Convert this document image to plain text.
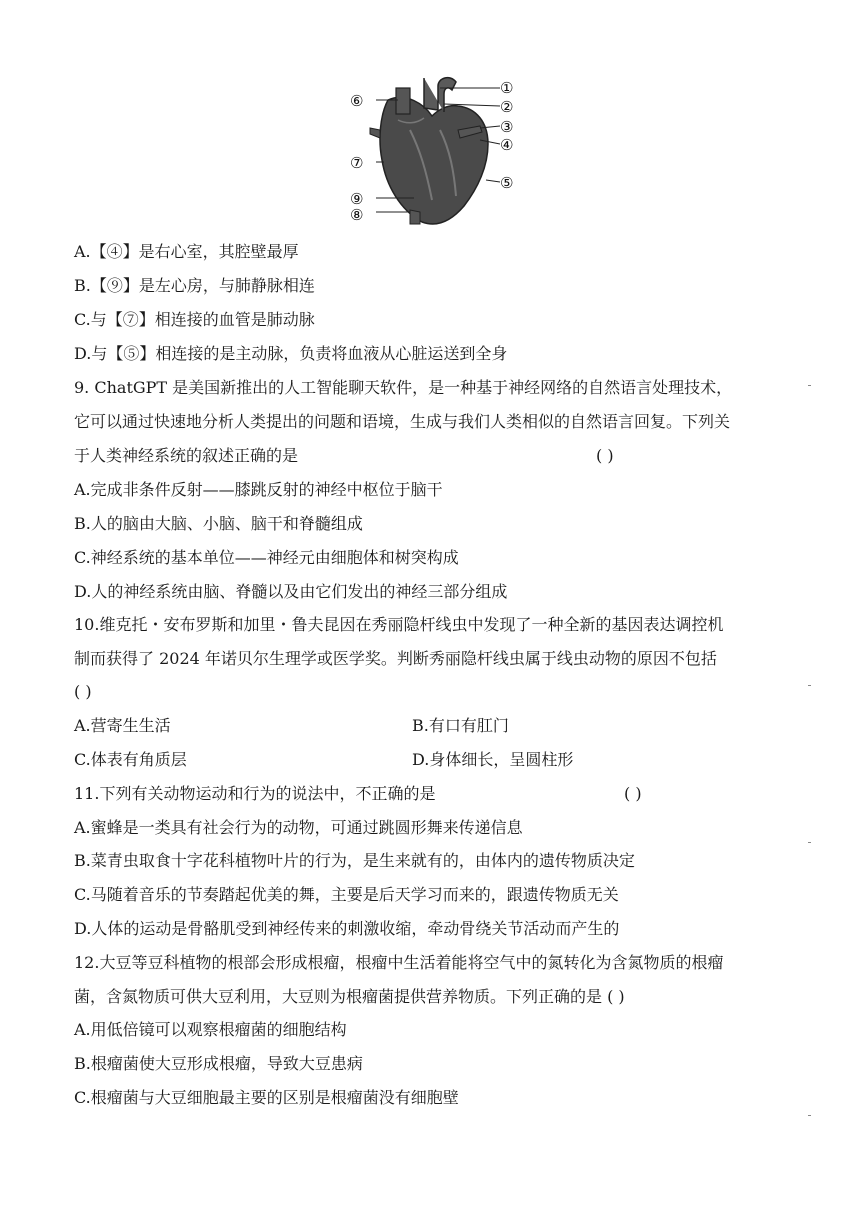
①
②
③
④
⑤
⑥
⑦
⑨
⑧
A.【④】是右心室，其腔壁最厚
B.【⑨】是左心房，与肺静脉相连
C.与【⑦】相连接的血管是肺动脉
D.与【⑤】相连接的是主动脉，负责将血液从心脏运送到全身
9. ChatGPT 是美国新推出的人工智能聊天软件，是一种基于神经网络的自然语言处理技术，
它可以通过快速地分析人类提出的问题和语境，生成与我们人类相似的自然语言回复。下列关
于人类神经系统的叙述正确的是	( )
A.完成非条件反射——膝跳反射的神经中枢位于脑干
B.人的脑由大脑、小脑、脑干和脊髓组成
C.神经系统的基本单位——神经元由细胞体和树突构成
D.人的神经系统由脑、脊髓以及由它们发出的神经三部分组成
10.维克托・安布罗斯和加里・鲁夫昆因在秀丽隐杆线虫中发现了一种全新的基因表达调控机
制而获得了 2024 年诺贝尔生理学或医学奖。判断秀丽隐杆线虫属于线虫动物的原因不包括
( )
A.营寄生生活	B.有口有肛门
C.体表有角质层	D.身体细长，呈圆柱形
11.下列有关动物运动和行为的说法中，不正确的是	( )
A.蜜蜂是一类具有社会行为的动物，可通过跳圆形舞来传递信息
B.菜青虫取食十字花科植物叶片的行为，是生来就有的，由体内的遗传物质决定
C.马随着音乐的节奏踏起优美的舞，主要是后天学习而来的，跟遗传物质无关
D.人体的运动是骨骼肌受到神经传来的刺激收缩，牵动骨绕关节活动而产生的
12.大豆等豆科植物的根部会形成根瘤，根瘤中生活着能将空气中的氮转化为含氮物质的根瘤
菌，含氮物质可供大豆利用，大豆则为根瘤菌提供营养物质。下列正确的是 ( )
A.用低倍镜可以观察根瘤菌的细胞结构
B.根瘤菌使大豆形成根瘤，导致大豆患病
C.根瘤菌与大豆细胞最主要的区别是根瘤菌没有细胞壁
